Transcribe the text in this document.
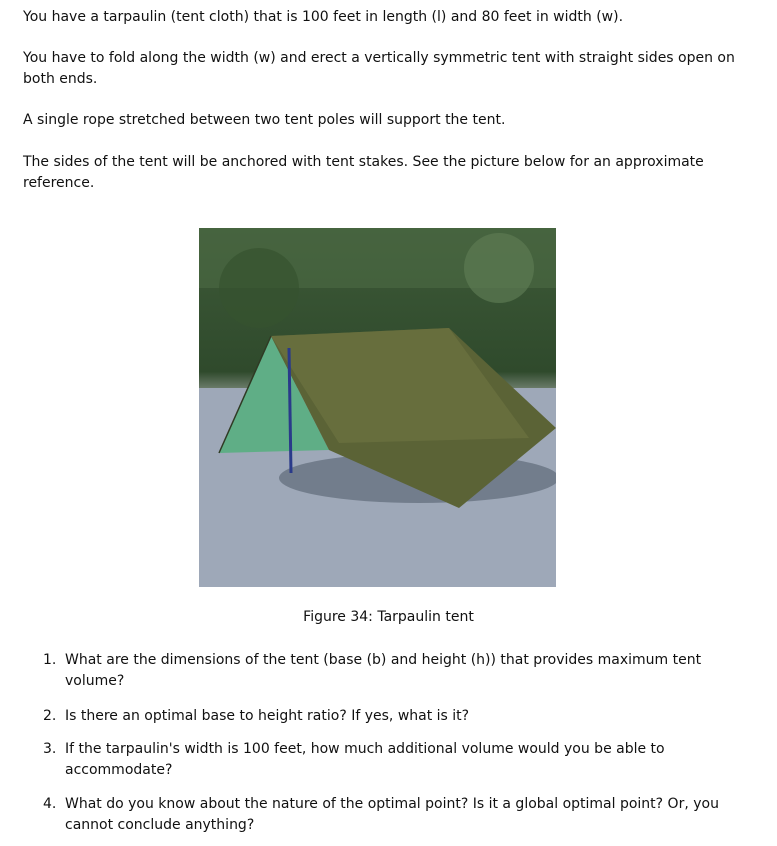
You have a tarpaulin (tent cloth) that is 100 feet in length (l) and 80 feet in width (w).
You have to fold along the width (w) and erect a vertically symmetric tent with straight sides open on both ends.
A single rope stretched between two tent poles will support the tent.
The sides of the tent will be anchored with tent stakes. See the picture below for an approximate reference.
Figure 34: Tarpaulin tent
1. What are the dimensions of the tent (base (b) and height (h)) that provides maximum tent volume?
2. Is there an optimal base to height ratio? If yes, what is it?
3. If the tarpaulin's width is 100 feet, how much additional volume would you be able to accommodate?
4. What do you know about the nature of the optimal point? Is it a global optimal point? Or, you cannot conclude anything?
